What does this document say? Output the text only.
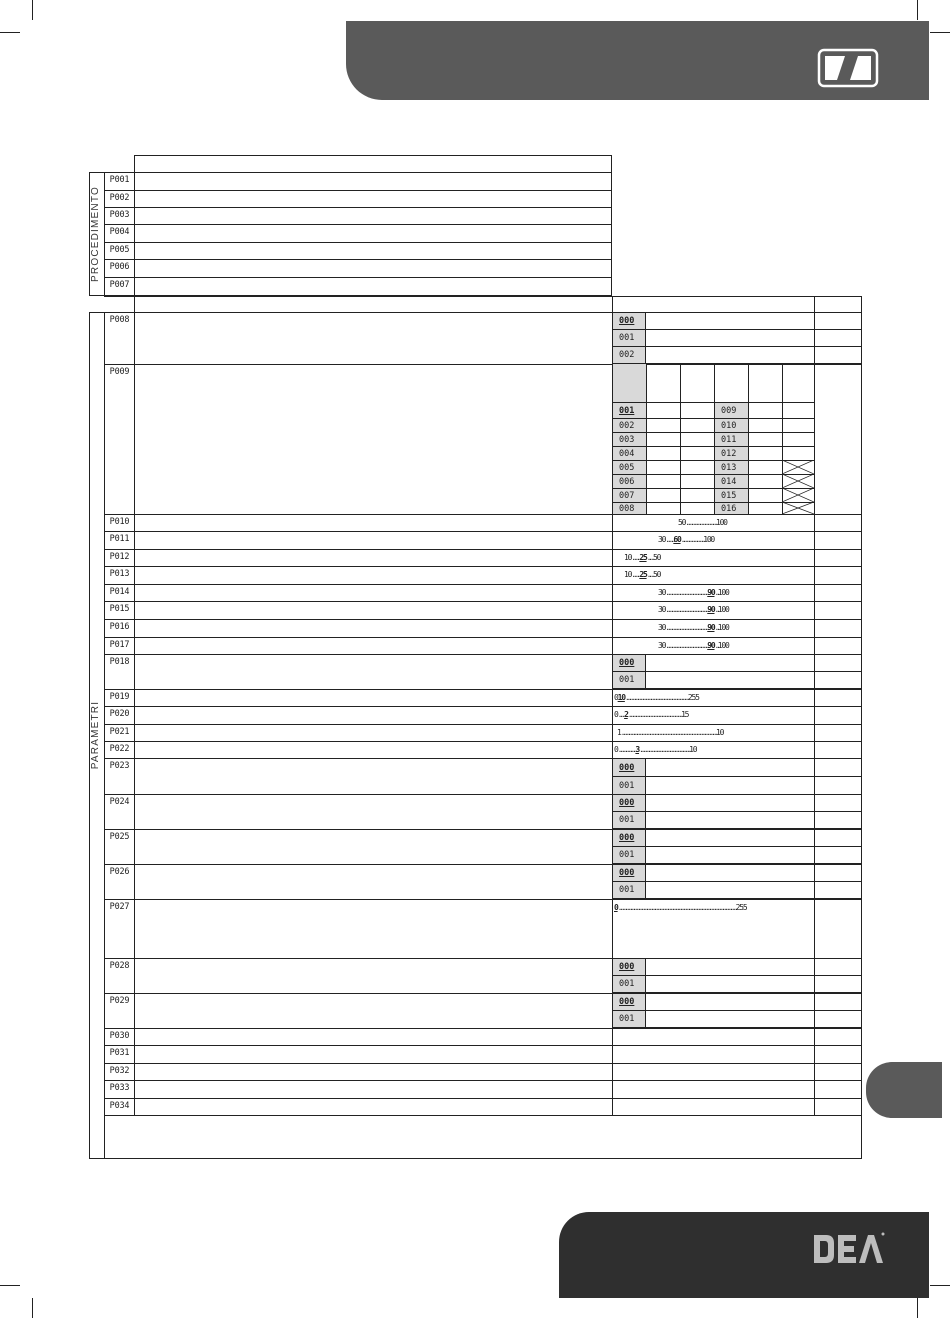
P001
P002
P003
P004
P005
P006
P007
PROCEDIMENTO
PARAMETRI
P008
P009
P010
P011
P012
P013
P014
P015
P016
P017
P018
P019
P020
P021
P022
P023
P024
P025
P026
P027
P028
P029
P030
P031
P032
P033
P034
000
001
002
000
001
000
001
000
001
000
001
000
001
000
001
000
001
001
002
003
004
005
006
007
008
009
010
011
012
013
014
015
016
50...................100
30.....60..............100
10.....25....50
10.....25....50
30..........................90..100
30..........................90..100
30..........................90..100
30..........................90..100
010.......................................255
0....2.................................15
1...........................................................10
0...........3...............................10
0.........................................................................255
